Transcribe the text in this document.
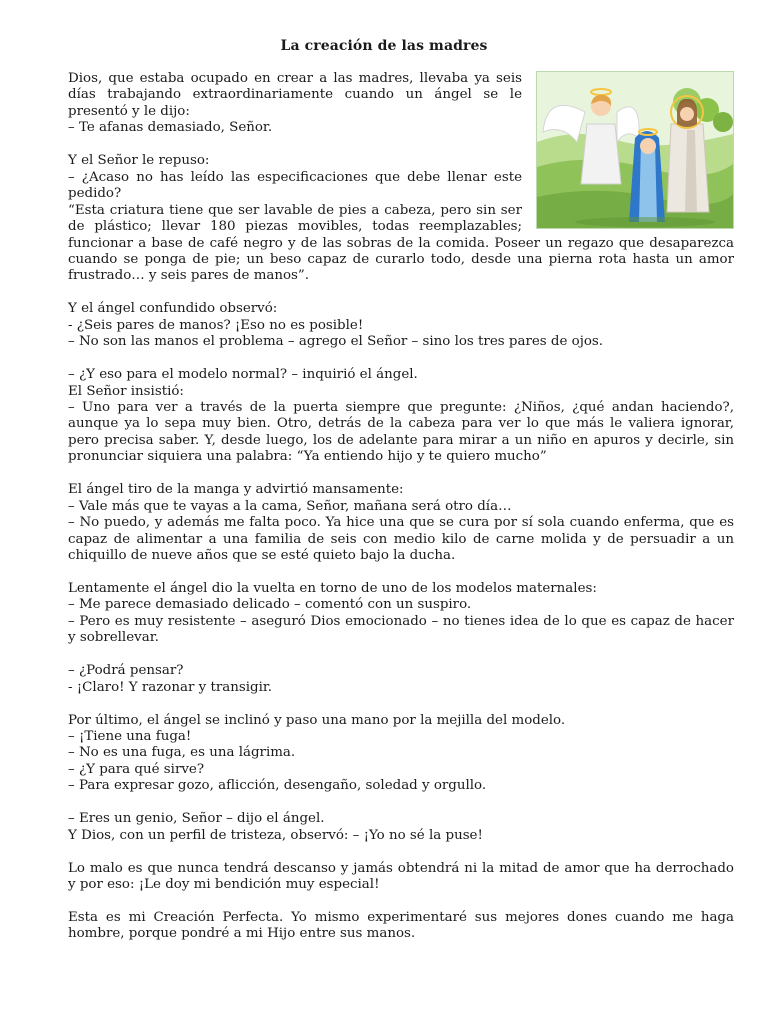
La creación de las madres

Dios, que estaba ocupado en crear a las madres, llevaba ya seis días trabajando extraordinariamente cuando un ángel se le presentó y le dijo:

– Te afanas demasiado, Señor.

Y el Señor le repuso:

– ¿Acaso no has leído las especificaciones que debe llenar este pedido?

“Esta criatura tiene que ser lavable de pies a cabeza, pero sin ser de plástico; llevar 180 piezas movibles, todas reemplazables; funcionar a base de café negro y de las sobras de la comida. Poseer un regazo que desaparezca cuando se ponga de pie; un beso capaz de curarlo todo, desde una pierna rota hasta un amor frustrado… y seis pares de manos”.

Y el ángel confundido observó:

- ¿Seis pares de manos? ¡Eso no es posible!

– No son las manos el problema – agrego el Señor – sino los tres pares de ojos.

– ¿Y eso para el modelo normal? – inquirió el ángel.

El Señor insistió:

– Uno para ver a través de la puerta siempre que pregunte: ¿Niños, ¿qué andan haciendo?, aunque ya lo sepa muy bien. Otro, detrás de la cabeza para ver lo que más le valiera ignorar, pero precisa saber. Y, desde luego, los de adelante para mirar a un niño en apuros y decirle, sin pronunciar siquiera una palabra: “Ya entiendo hijo y te quiero mucho”

El ángel tiro de la manga y advirtió mansamente:

– Vale más que te vayas a la cama, Señor, mañana será otro día…

– No puedo, y además me falta poco. Ya hice una que se cura por sí sola cuando enferma, que es capaz de alimentar a una familia de seis con medio kilo de carne molida y de persuadir a un chiquillo de nueve años que se esté quieto bajo la ducha.

Lentamente el ángel dio la vuelta en torno de uno de los modelos maternales:

– Me parece demasiado delicado – comentó con un suspiro.

– Pero es muy resistente – aseguró Dios emocionado – no tienes idea de lo que es capaz de hacer y sobrellevar.

– ¿Podrá pensar?

- ¡Claro! Y razonar y transigir.

Por último, el ángel se inclinó y paso una mano por la mejilla del modelo.

– ¡Tiene una fuga!

– No es una fuga, es una lágrima.

– ¿Y para qué sirve?

– Para expresar gozo, aflicción, desengaño, soledad y orgullo.

– Eres un genio, Señor – dijo el ángel.

Y Dios, con un perfil de tristeza, observó: – ¡Yo no sé la puse!

Lo malo es que nunca tendrá descanso y jamás obtendrá ni la mitad de amor que ha derrochado y por eso: ¡Le doy mi bendición muy especial!

Esta es mi Creación Perfecta. Yo mismo experimentaré sus mejores dones cuando me haga hombre, porque pondré a mi Hijo entre sus manos.
